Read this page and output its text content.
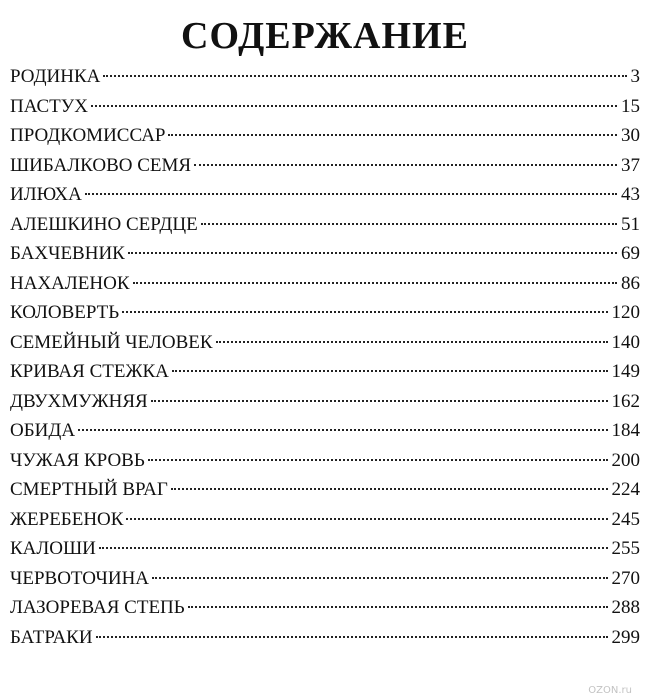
СОДЕРЖАНИЕ
РОДИНКА	3
ПАСТУХ	15
ПРОДКОМИССАР	30
ШИБАЛКОВО СЕМЯ	37
ИЛЮХА	43
АЛЕШКИНО СЕРДЦЕ	51
БАХЧЕВНИК	69
НАХАЛЕНОК	86
КОЛОВЕРТЬ	120
СЕМЕЙНЫЙ ЧЕЛОВЕК	140
КРИВАЯ СТЕЖКА	149
ДВУХМУЖНЯЯ	162
ОБИДА	184
ЧУЖАЯ КРОВЬ	200
СМЕРТНЫЙ ВРАГ	224
ЖЕРЕБЕНОК	245
КАЛОШИ	255
ЧЕРВОТОЧИНА	270
ЛАЗОРЕВАЯ СТЕПЬ	288
БАТРАКИ	299
OZON.ru
